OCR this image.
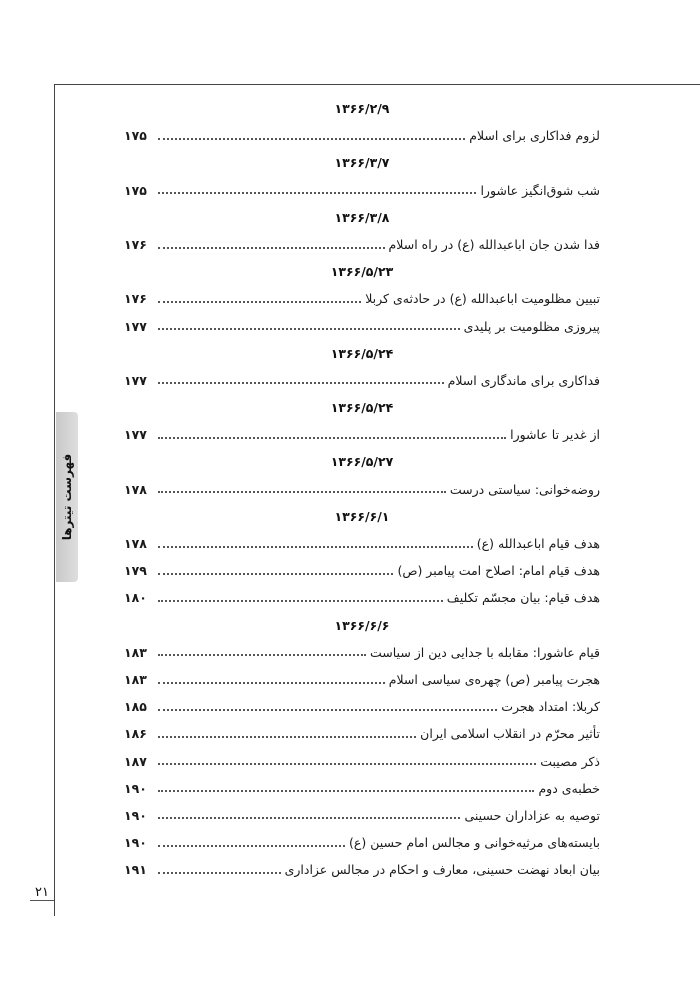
فهرست تیترها
۲۱
۱۳۶۶/۲/۹
لزوم فداکاری برای اسلام
۱۷۵
۱۳۶۶/۳/۷
شب شوق‌انگیز عاشورا
۱۷۵
۱۳۶۶/۳/۸
فدا شدن جان اباعبدالله (ع) در راه اسلام
۱۷۶
۱۳۶۶/۵/۲۳
تبیین مظلومیت اباعبدالله (ع) در حادثه‌ی کربلا
۱۷۶
پیروزی مظلومیت بر پلیدی
۱۷۷
۱۳۶۶/۵/۲۴
فداکاری برای ماندگاری اسلام
۱۷۷
۱۳۶۶/۵/۲۴
از غدیر تا عاشورا
۱۷۷
۱۳۶۶/۵/۲۷
روضه‌خوانی: سیاستی درست
۱۷۸
۱۳۶۶/۶/۱
هدف قیام اباعبدالله (ع)
۱۷۸
هدف قیام امام: اصلاح امت پیامبر (ص)
۱۷۹
هدف قیام: بیان مجسّم تکلیف
۱۸۰
۱۳۶۶/۶/۶
قیام عاشورا: مقابله با جدایی دین از سیاست
۱۸۳
هجرت پیامبر (ص) چهره‌ی سیاسی اسلام
۱۸۳
کربلا: امتداد هجرت
۱۸۵
تأثیر محرّم در انقلاب اسلامی ایران
۱۸۶
ذکر مصیبت
۱۸۷
خطبه‌ی دوم
۱۹۰
توصیه به عزاداران حسینی
۱۹۰
بایسته‌های مرثیه‌خوانی و مجالس امام حسین (ع)
۱۹۰
بیان ابعاد نهضت حسینی، معارف و احکام در مجالس عزاداری
۱۹۱
